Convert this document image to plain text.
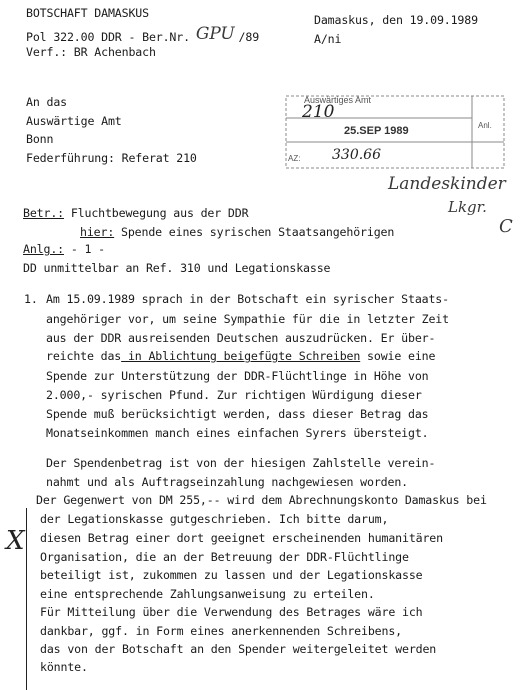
BOTSCHAFT DAMASKUS
Pol 322.00 DDR - Ber.Nr. GPU /89
Verf.: BR Achenbach
Damaskus, den 19.09.1989
A/ni
An das
Auswärtige Amt
Bonn
Federführung: Referat 210
Auswärtiges Amt
Anl.
210
25.SEP 1989
AZ: 330.66
Landeskinder
Lkgr.
C
Betr.: Fluchtbewegung aus der DDR
hier: Spende eines syrischen Staatsangehörigen
Anlg.: - 1 -
DD unmittelbar an Ref. 310 und Legationskasse
1. Am 15.09.1989 sprach in der Botschaft ein syrischer Staats-
angehöriger vor, um seine Sympathie für die in letzter Zeit
aus der DDR ausreisenden Deutschen auszudrücken. Er über-
reichte das in Ablichtung beigefügte Schreiben sowie eine
Spende zur Unterstützung der DDR-Flüchtlinge in Höhe von
2.000,- syrischen Pfund. Zur richtigen Würdigung dieser
Spende muß berücksichtigt werden, dass dieser Betrag das
Monatseinkommen manch eines einfachen Syrers übersteigt.
Der Spendenbetrag ist von der hiesigen Zahlstelle verein-
nahmt und als Auftragseinzahlung nachgewiesen worden.
Der Gegenwert von DM 255,-- wird dem Abrechnungskonto Damaskus bei
der Legationskasse gutgeschrieben. Ich bitte darum,
diesen Betrag einer dort geeignet erscheinenden humanitären
Organisation, die an der Betreuung der DDR-Flüchtlinge
beteiligt ist, zukommen zu lassen und der Legationskasse
eine entsprechende Zahlungsanweisung zu erteilen.
Für Mitteilung über die Verwendung des Betrages wäre ich
dankbar, ggf. in Form eines anerkennenden Schreibens,
das von der Botschaft an den Spender weitergeleitet werden
könnte.
X
